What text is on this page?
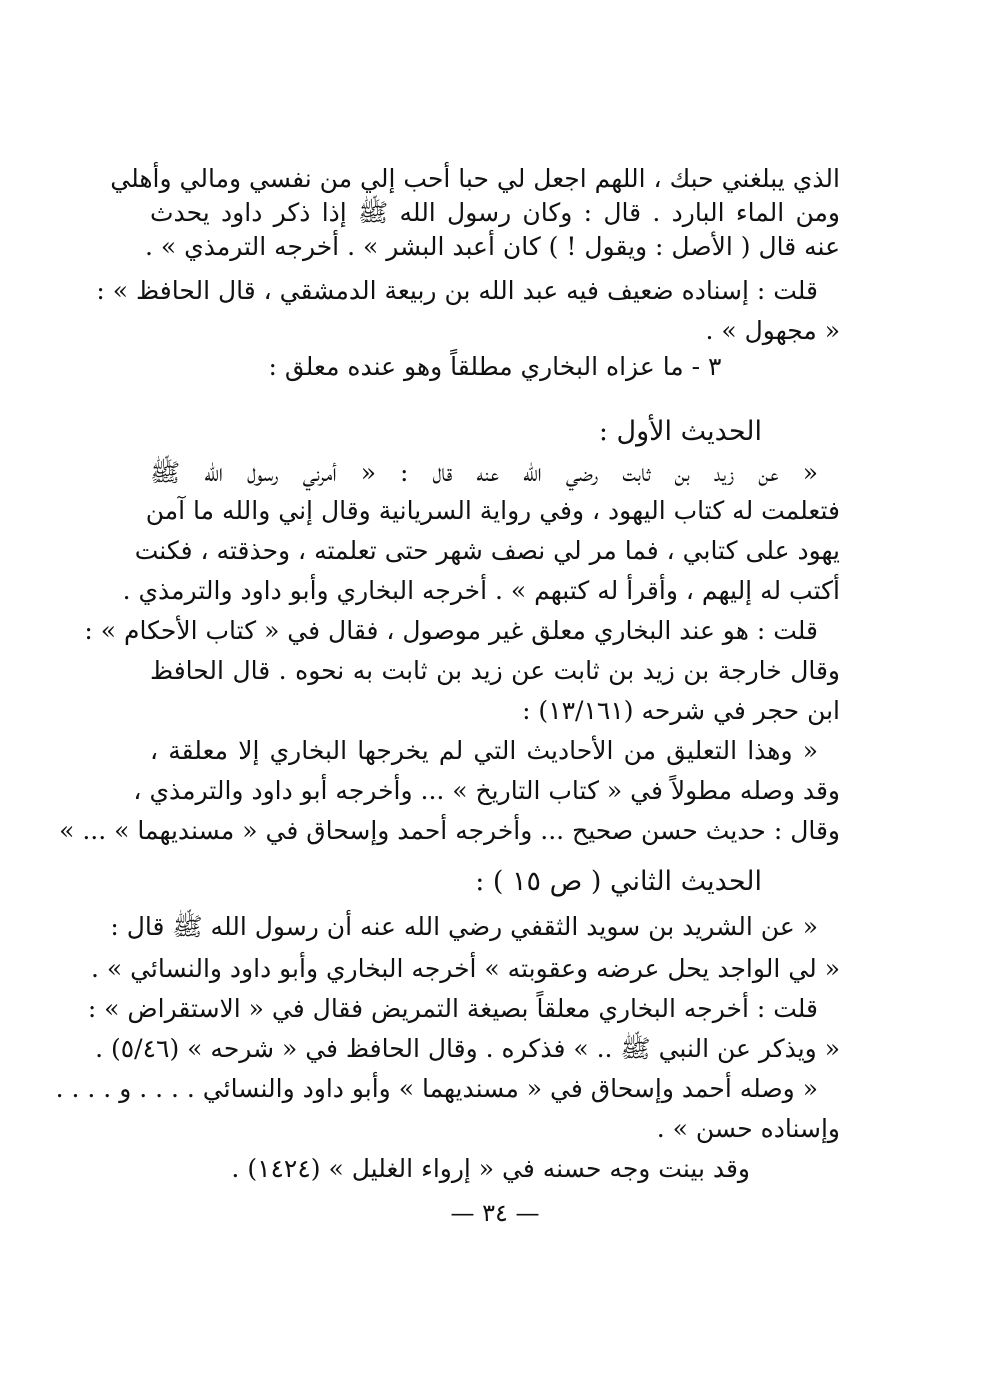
الذي يبلغني حبك ، اللهم اجعل لي حبا أحب إلي من نفسي ومالي وأهلي
ومن الماء البارد . قال : وكان رسول الله ﷺ إذا ذكر داود يحدث
عنه قال ( الأصل : ويقول ! ) كان أعبد البشر » . أخرجه الترمذي » .
قلت : إسناده ضعيف فيه عبد الله بن ربيعة الدمشقي ، قال الحافظ » :
« مجهول » .
٣ - ما عزاه البخاري مطلقاً وهو عنده معلق :
الحديث الأول :
« عن زيد بن ثابت رضي الله عنه قال : « أمرني رسول الله ﷺ
فتعلمت له كتاب اليهود ، وفي رواية السريانية وقال إني والله ما آمن
يهود على كتابي ، فما مر لي نصف شهر حتى تعلمته ، وحذقته ، فكنت
أكتب له إليهم ، وأقرأ له كتبهم » . أخرجه البخاري وأبو داود والترمذي .
قلت : هو عند البخاري معلق غير موصول ، فقال في « كتاب الأحكام » :
وقال خارجة بن زيد بن ثابت عن زيد بن ثابت به نحوه . قال الحافظ
ابن حجر في شرحه (١٣/١٦١) :
« وهذا التعليق من الأحاديث التي لم يخرجها البخاري إلا معلقة ،
وقد وصله مطولاً في « كتاب التاريخ » ... وأخرجه أبو داود والترمذي ،
وقال : حديث حسن صحيح ... وأخرجه أحمد وإسحاق في « مسنديهما » ... »
الحديث الثاني ( ص ١٥ ) :
« عن الشريد بن سويد الثقفي رضي الله عنه أن رسول الله ﷺ قال :
« لي الواجد يحل عرضه وعقوبته » أخرجه البخاري وأبو داود والنسائي » .
قلت : أخرجه البخاري معلقاً بصيغة التمريض فقال في « الاستقراض » :
« ويذكر عن النبي ﷺ .. » فذكره . وقال الحافظ في « شرحه » (٥/٤٦) .
« وصله أحمد وإسحاق في « مسنديهما » وأبو داود والنسائي . . . . و . . . .
وإسناده حسن » .
وقد بينت وجه حسنه في « إرواء الغليل » (١٤٢٤) .
— ٣٤ —
